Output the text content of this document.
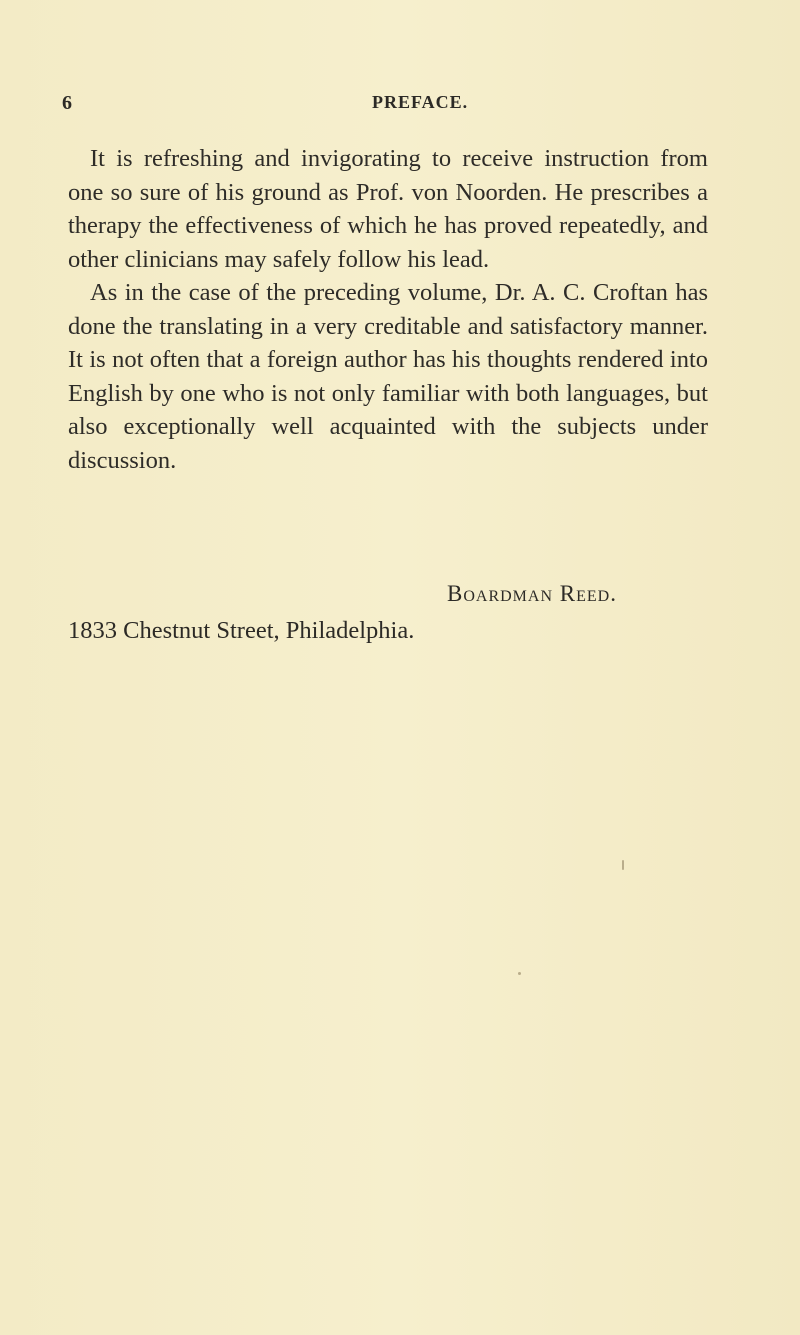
6	PREFACE.

It is refreshing and invigorating to receive instruction from one so sure of his ground as Prof. von Noorden. He prescribes a therapy the effectiveness of which he has proved repeatedly, and other clinicians may safely follow his lead.

As in the case of the preceding volume, Dr. A. C. Croftan has done the translating in a very creditable and satisfactory manner. It is not often that a foreign author has his thoughts rendered into English by one who is not only familiar with both languages, but also exceptionally well acquainted with the subjects under discussion.

Boardman Reed.
1833 Chestnut Street, Philadelphia.
